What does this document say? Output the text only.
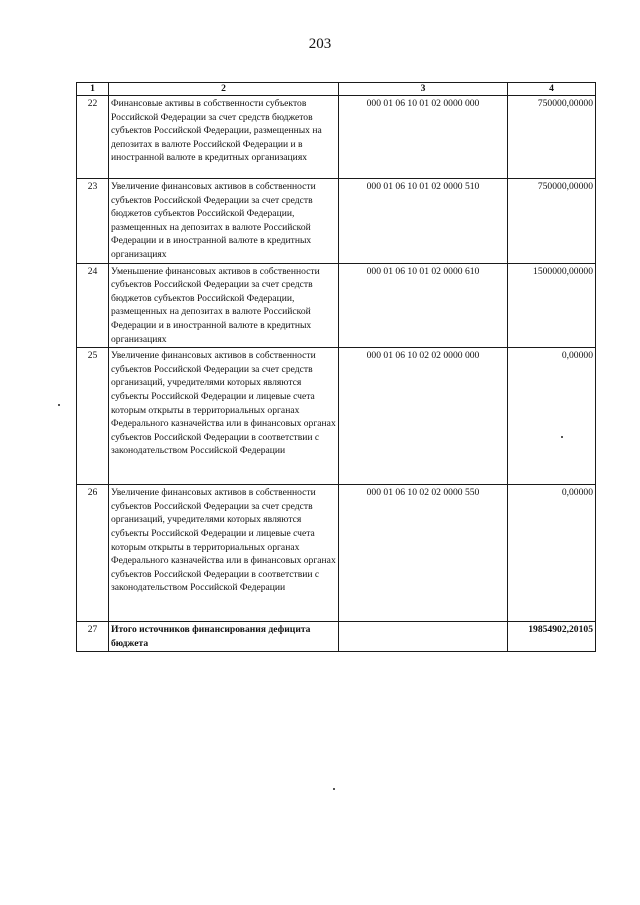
203
1	2	3	4
22	Финансовые активы в собственности субъектов Российской Федерации за счет средств бюджетов субъектов Российской Федерации, размещенных на депозитах в валюте Российской Федерации и в иностранной валюте в кредитных организациях	000 01 06 10 01 02 0000 000	750000,00000
23	Увеличение финансовых активов в собственности субъектов Российской Федерации за счет средств бюджетов субъектов Российской Федерации, размещенных на депозитах в валюте Российской Федерации и в иностранной валюте в кредитных организациях	000 01 06 10 01 02 0000 510	750000,00000
24	Уменьшение финансовых активов в собственности субъектов Российской Федерации за счет средств бюджетов субъектов Российской Федерации, размещенных на депозитах в валюте Российской Федерации и в иностранной валюте в кредитных организациях	000 01 06 10 01 02 0000 610	1500000,00000
25	Увеличение финансовых активов в собственности субъектов Российской Федерации за счет средств организаций, учредителями которых являются субъекты Российской Федерации и лицевые счета которым открыты в территориальных органах Федерального казначейства или в финансовых органах субъектов Российской Федерации в соответствии с законодательством Российской Федерации	000 01 06 10 02 02 0000 000	0,00000
26	Увеличение финансовых активов в собственности субъектов Российской Федерации за счет средств организаций, учредителями которых являются субъекты Российской Федерации и лицевые счета которым открыты в территориальных органах Федерального казначейства или в финансовых органах субъектов Российской Федерации в соответствии с законодательством Российской Федерации	000 01 06 10 02 02 0000 550	0,00000
27	Итого источников финансирования дефицита бюджета		19854902,20105
